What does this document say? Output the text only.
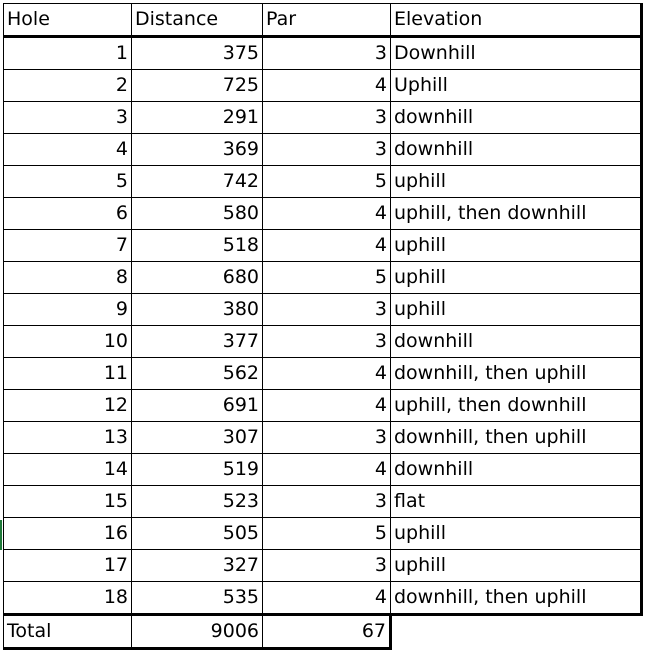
Hole	Distance	Par	Elevation
1	375	3	Downhill
2	725	4	Uphill
3	291	3	downhill
4	369	3	downhill
5	742	5	uphill
6	580	4	uphill, then downhill
7	518	4	uphill
8	680	5	uphill
9	380	3	uphill
10	377	3	downhill
11	562	4	downhill, then uphill
12	691	4	uphill, then downhill
13	307	3	downhill, then uphill
14	519	4	downhill
15	523	3	flat
16	505	5	uphill
17	327	3	uphill
18	535	4	downhill, then uphill
Total	9006	67	
